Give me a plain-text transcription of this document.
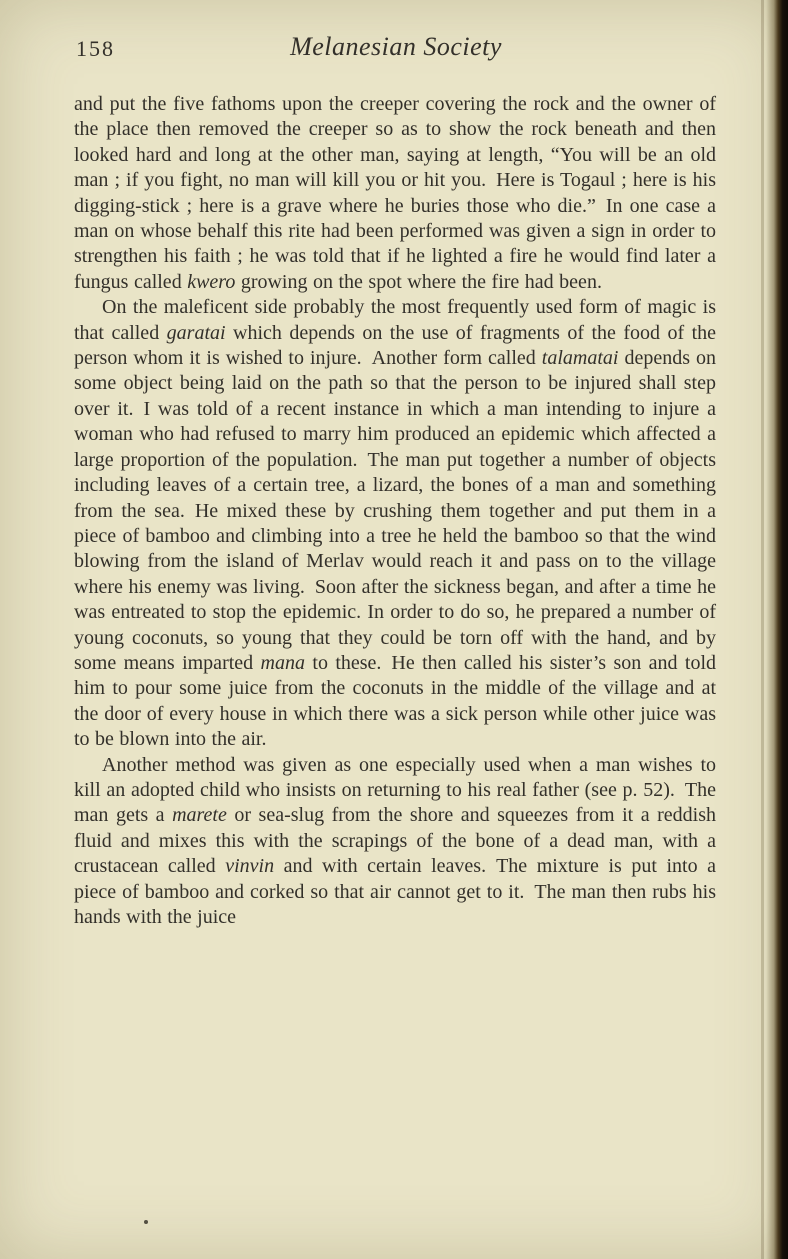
158	Melanesian Society

and put the five fathoms upon the creeper covering the rock and the owner of the place then removed the creeper so as to show the rock beneath and then looked hard and long at the other man, saying at length, “You will be an old man ; if you fight, no man will kill you or hit you. Here is Togaul ; here is his digging-stick ; here is a grave where he buries those who die.” In one case a man on whose behalf this rite had been performed was given a sign in order to strengthen his faith ; he was told that if he lighted a fire he would find later a fungus called kwero growing on the spot where the fire had been.

On the maleficent side probably the most frequently used form of magic is that called garatai which depends on the use of fragments of the food of the person whom it is wished to injure. Another form called talamatai depends on some object being laid on the path so that the person to be injured shall step over it. I was told of a recent instance in which a man intending to injure a woman who had refused to marry him produced an epidemic which affected a large proportion of the population. The man put together a number of objects including leaves of a certain tree, a lizard, the bones of a man and something from the sea. He mixed these by crushing them together and put them in a piece of bamboo and climbing into a tree he held the bamboo so that the wind blowing from the island of Merlav would reach it and pass on to the village where his enemy was living. Soon after the sickness began, and after a time he was entreated to stop the epidemic. In order to do so, he prepared a number of young coconuts, so young that they could be torn off with the hand, and by some means imparted mana to these. He then called his sister’s son and told him to pour some juice from the coconuts in the middle of the village and at the door of every house in which there was a sick person while other juice was to be blown into the air.

Another method was given as one especially used when a man wishes to kill an adopted child who insists on returning to his real father (see p. 52). The man gets a marete or sea-slug from the shore and squeezes from it a reddish fluid and mixes this with the scrapings of the bone of a dead man, with a crustacean called vinvin and with certain leaves. The mixture is put into a piece of bamboo and corked so that air cannot get to it. The man then rubs his hands with the juice
